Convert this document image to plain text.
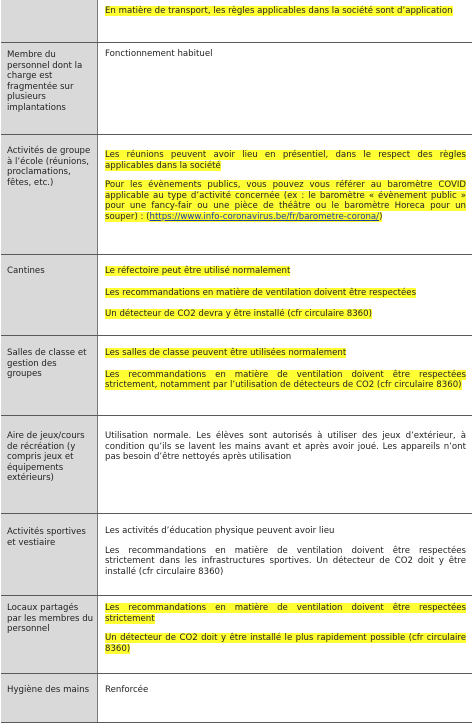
En matière de transport, les règles applicables dans la société sont d’application

Membre du personnel dont la charge est fragmentée sur plusieurs implantations

Fonctionnement habituel

Activités de groupe à l’école (réunions, proclamations, fêtes, etc.)

Les réunions peuvent avoir lieu en présentiel, dans le respect des règles applicables dans la société

Pour les évènements publics, vous pouvez vous référer au baromètre COVID applicable au type d’activité concernée (ex : le baromètre « évènement public » pour une fancy-fair ou une pièce de théâtre ou le baromètre Horeca pour un souper) : (https://www.info-coronavirus.be/fr/barometre-corona/)

Cantines	Le réfectoire peut être utilisé normalement

Les recommandations en matière de ventilation doivent être respectées

Un détecteur de CO2 devra y être installé (cfr circulaire 8360)

Salles de classe et gestion des groupes

Les salles de classe peuvent être utilisées normalement

Les recommandations en matière de ventilation doivent être respectées strictement, notamment par l’utilisation de détecteurs de CO2 (cfr circulaire 8360)

Aire de jeux/cours de récréation (y compris jeux et équipements extérieurs)

Utilisation normale. Les élèves sont autorisés à utiliser des jeux d’extérieur, à condition qu’ils se lavent les mains avant et après avoir joué. Les appareils n’ont pas besoin d’être nettoyés après utilisation

Activités sportives et vestiaire

Les activités d’éducation physique peuvent avoir lieu

Les recommandations en matière de ventilation doivent être respectées strictement dans les infrastructures sportives. Un détecteur de CO2 doit y être installé (cfr circulaire 8360)

Locaux partagés par les membres du personnel

Les recommandations en matière de ventilation doivent être respectées strictement

Un détecteur de CO2 doit y être installé le plus rapidement possible (cfr circulaire 8360)

Hygiène des mains	Renforcée
